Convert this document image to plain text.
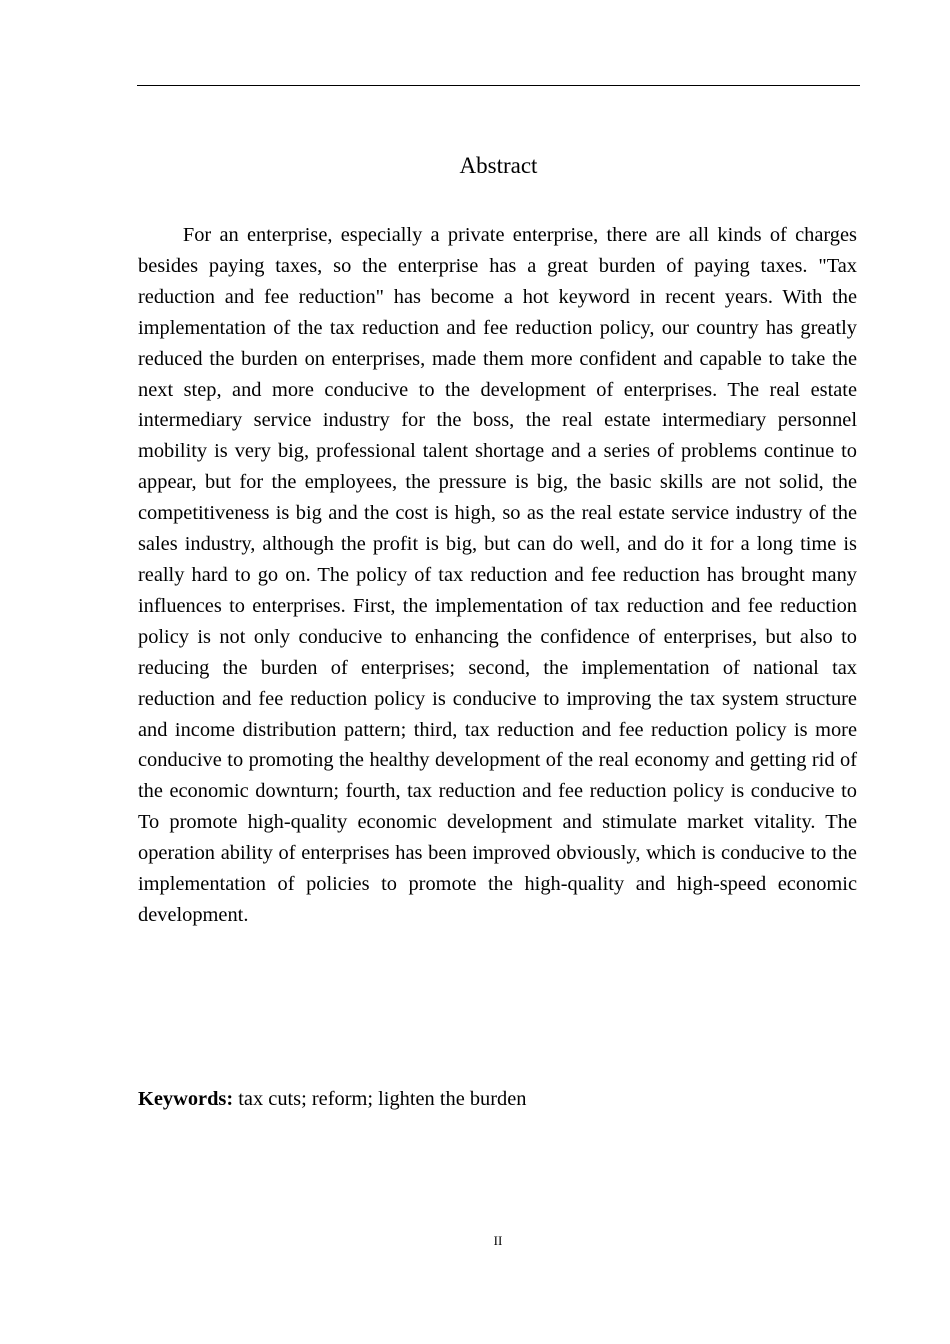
Abstract

For an enterprise, especially a private enterprise, there are all kinds of charges besides paying taxes, so the enterprise has a great burden of paying taxes. "Tax reduction and fee reduction" has become a hot keyword in recent years. With the implementation of the tax reduction and fee reduction policy, our country has greatly reduced the burden on enterprises, made them more confident and capable to take the next step, and more conducive to the development of enterprises. The real estate intermediary service industry for the boss, the real estate intermediary personnel mobility is very big, professional talent shortage and a series of problems continue to appear, but for the employees, the pressure is big, the basic skills are not solid, the competitiveness is big and the cost is high, so as the real estate service industry of the sales industry, although the profit is big, but can do well, and do it for a long time is really hard to go on. The policy of tax reduction and fee reduction has brought many influences to enterprises. First, the implementation of tax reduction and fee reduction policy is not only conducive to enhancing the confidence of enterprises, but also to reducing the burden of enterprises; second, the implementation of national tax reduction and fee reduction policy is conducive to improving the tax system structure and income distribution pattern; third, tax reduction and fee reduction policy is more conducive to promoting the healthy development of the real economy and getting rid of the economic downturn; fourth, tax reduction and fee reduction policy is conducive to To promote high-quality economic development and stimulate market vitality. The operation ability of enterprises has been improved obviously, which is conducive to the implementation of policies to promote the high-quality and high-speed economic development.

Keywords: tax cuts; reform; lighten the burden

II
